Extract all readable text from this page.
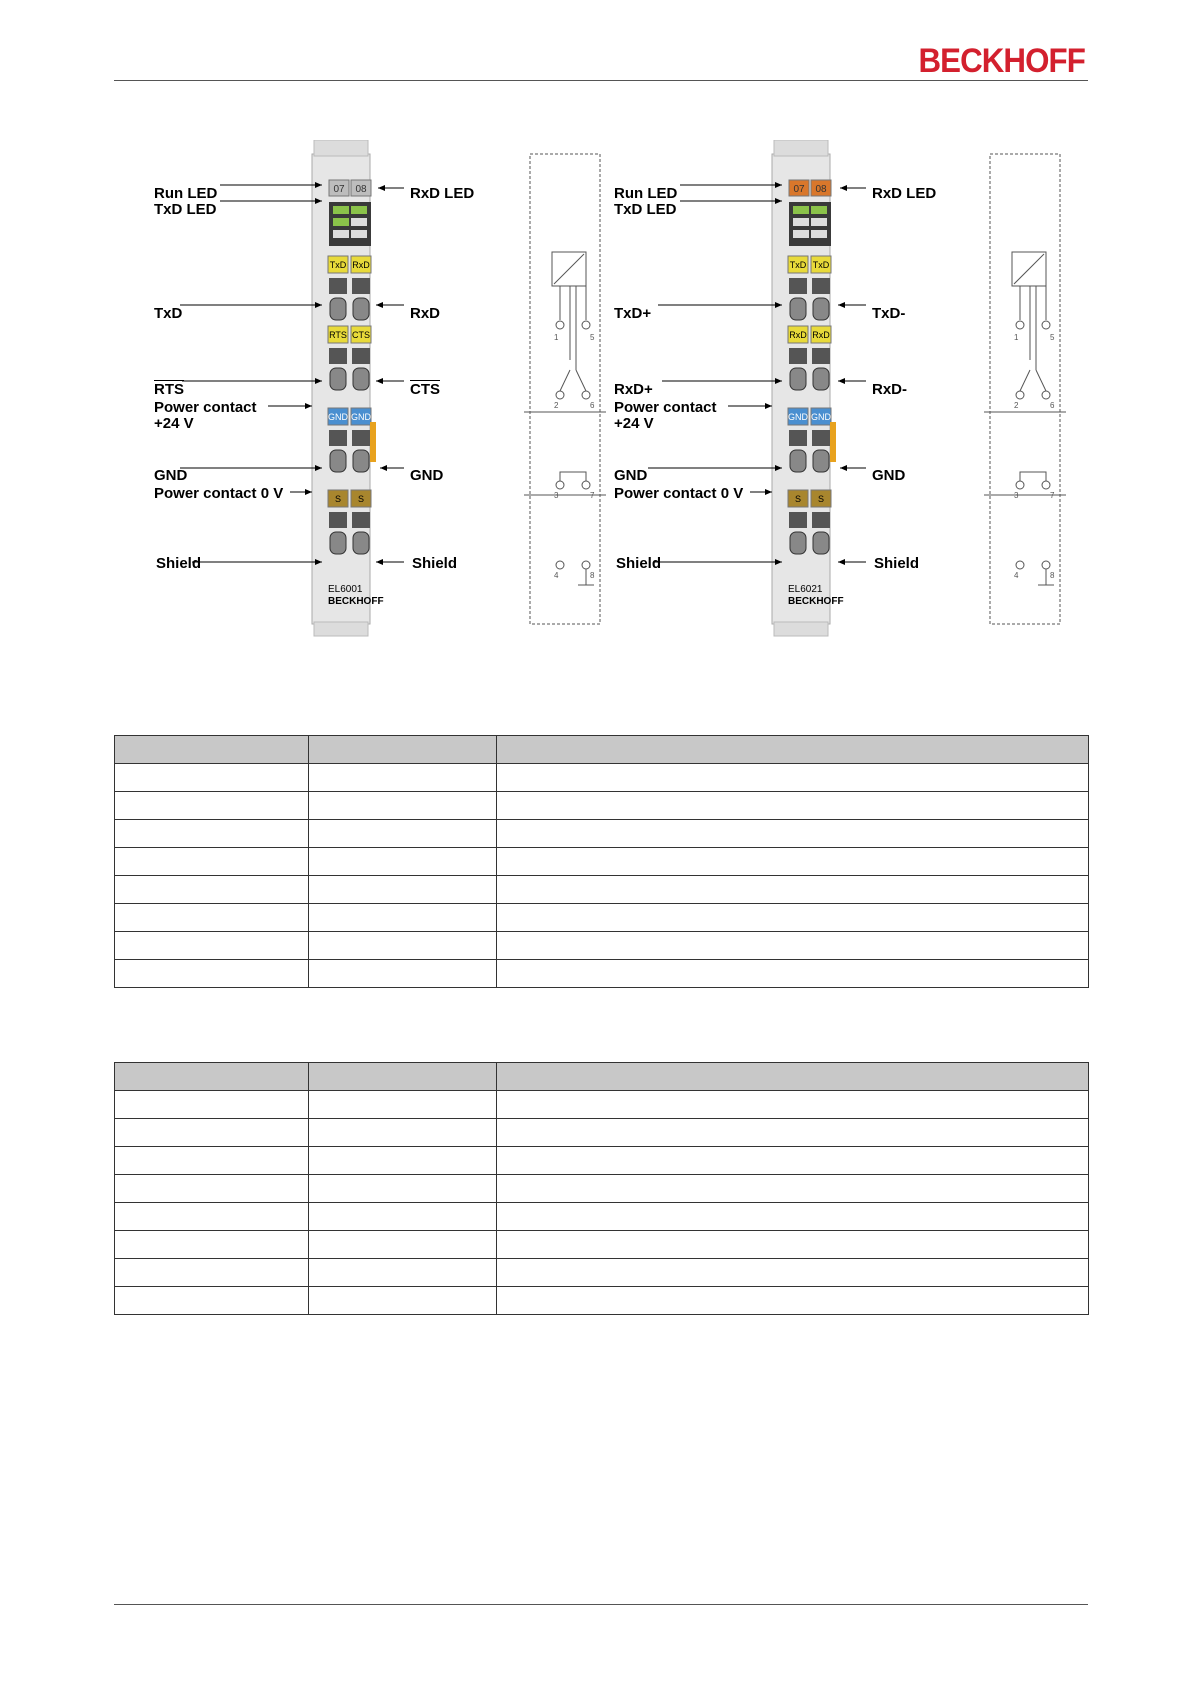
BECKHOFF
07 08
TxD RxD
RTS CTS
GND GND
S S
EL6001
BECKHOFF
1	5
2	6
3	7
4	8
07 08
TxD TxD
RxD RxD
GND GND
S S
EL6021
BECKHOFF
1	5
2	6
3	7
4	8
Run LED
TxD LED
TxD
$\overline{RTS}$
Power contact
+24 V
GND
Power contact 0 V
Shield
RxD LED
RxD
$\overline{CTS}$
GND
Shield
Run LED
TxD LED
TxD+
RxD+
Power contact
+24 V
GND
Power contact 0 V
Shield
RxD LED
TxD-
RxD-
GND
Shield
